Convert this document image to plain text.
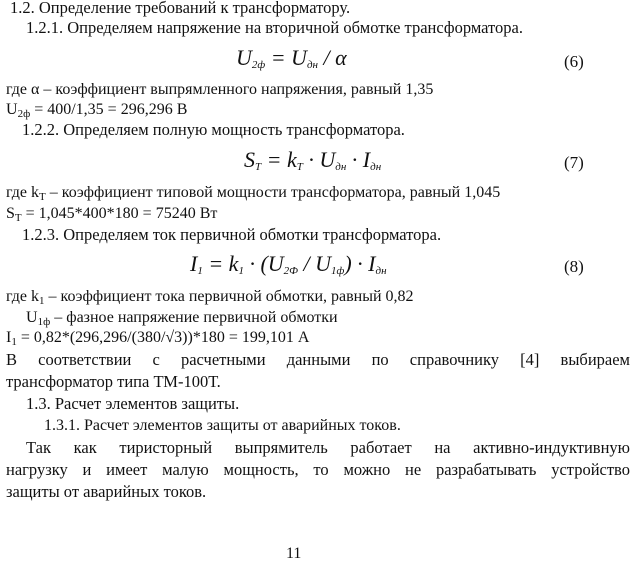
1.2. Определение требований к трансформатору.
1.2.1. Определяем напряжение на вторичной обмотке трансформатора.
$U_{2ф} = U_{дн} / \alpha$	(6)
где α – коэффициент выпрямленного напряжения, равный 1,35
$U_{2ф} = 400/1,35 = 296,296$ В
1.2.2. Определяем полную мощность трансформатора.
$S_T = k_T \cdot U_{дн} \cdot I_{дн}$	(7)
где $k_T$ – коэффициент типовой мощности трансформатора, равный 1,045
$S_T = 1,045*400*180 = 75240$ Вт
1.2.3. Определяем ток первичной обмотки трансформатора.
$I_1 = k_1 \cdot (U_{2Ф} / U_{1ф}) \cdot I_{дн}$	(8)
где $k_1$ – коэффициент тока первичной обмотки, равный 0,82
$U_{1ф}$ – фазное напряжение первичной обмотки
$I_1 = 0,82*(296,296/(380/√3))*180 = 199,101$ А
В соответствии с расчетными данными по справочнику [4] выбираем
трансформатор типа ТМ-100Т.
1.3. Расчет элементов защиты.
1.3.1. Расчет элементов защиты от аварийных токов.
Так как тиристорный выпрямитель работает на активно-индуктивную
нагрузку и имеет малую мощность, то можно не разрабатывать устройство
защиты от аварийных токов.
11
